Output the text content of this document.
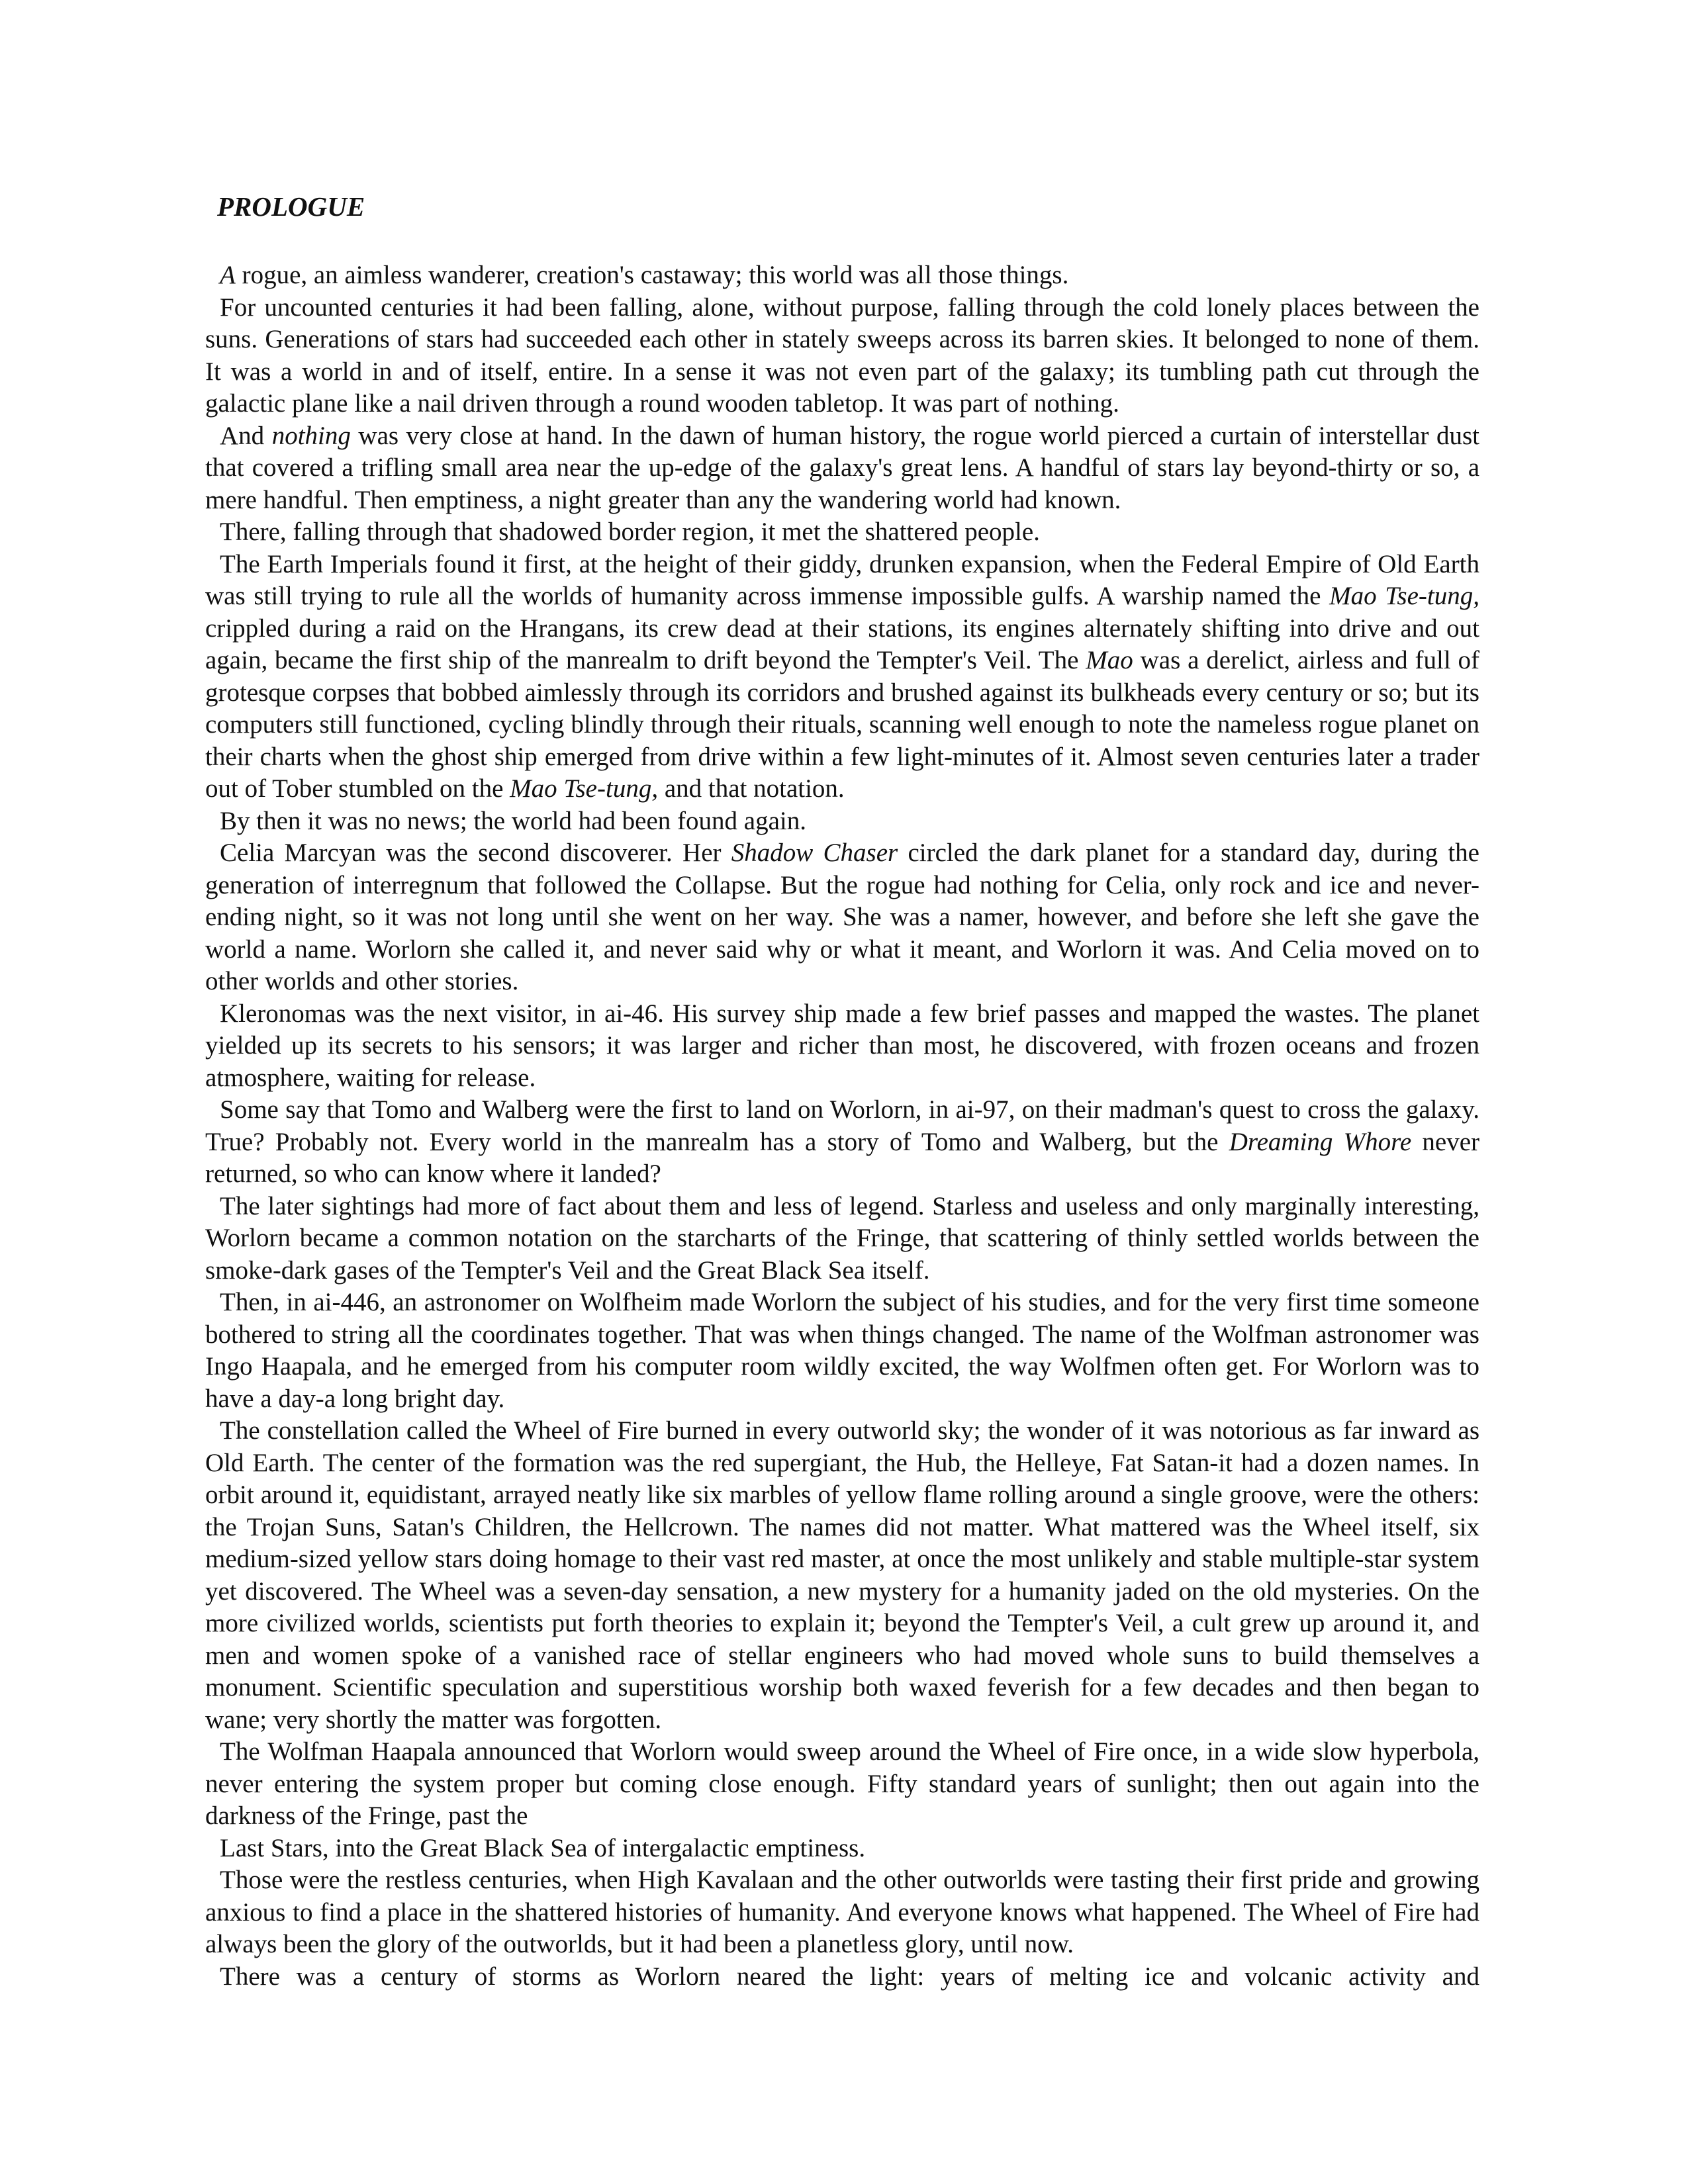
PROLOGUE

A rogue, an aimless wanderer, creation's castaway; this world was all those things.

For uncounted centuries it had been falling, alone, without purpose, falling through the cold lonely places between the suns. Generations of stars had succeeded each other in stately sweeps across its barren skies. It belonged to none of them. It was a world in and of itself, entire. In a sense it was not even part of the galaxy; its tumbling path cut through the galactic plane like a nail driven through a round wooden tabletop. It was part of nothing.

And nothing was very close at hand. In the dawn of human history, the rogue world pierced a curtain of interstellar dust that covered a trifling small area near the up-edge of the galaxy's great lens. A handful of stars lay beyond-thirty or so, a mere handful. Then emptiness, a night greater than any the wandering world had known.

There, falling through that shadowed border region, it met the shattered people.

The Earth Imperials found it first, at the height of their giddy, drunken expansion, when the Federal Empire of Old Earth was still trying to rule all the worlds of humanity across immense impossible gulfs. A warship named the Mao Tse-tung, crippled during a raid on the Hrangans, its crew dead at their stations, its engines alternately shifting into drive and out again, became the first ship of the manrealm to drift beyond the Tempter's Veil. The Mao was a derelict, airless and full of grotesque corpses that bobbed aimlessly through its corridors and brushed against its bulkheads every century or so; but its computers still functioned, cycling blindly through their rituals, scanning well enough to note the nameless rogue planet on their charts when the ghost ship emerged from drive within a few light-minutes of it. Almost seven centuries later a trader out of Tober stumbled on the Mao Tse-tung, and that notation.

By then it was no news; the world had been found again.

Celia Marcyan was the second discoverer. Her Shadow Chaser circled the dark planet for a standard day, during the generation of interregnum that followed the Collapse. But the rogue had nothing for Celia, only rock and ice and never-ending night, so it was not long until she went on her way. She was a namer, however, and before she left she gave the world a name. Worlorn she called it, and never said why or what it meant, and Worlorn it was. And Celia moved on to other worlds and other stories.

Kleronomas was the next visitor, in ai-46. His survey ship made a few brief passes and mapped the wastes. The planet yielded up its secrets to his sensors; it was larger and richer than most, he discovered, with frozen oceans and frozen atmosphere, waiting for release.

Some say that Tomo and Walberg were the first to land on Worlorn, in ai-97, on their madman's quest to cross the galaxy. True? Probably not. Every world in the manrealm has a story of Tomo and Walberg, but the Dreaming Whore never returned, so who can know where it landed?

The later sightings had more of fact about them and less of legend. Starless and useless and only marginally interesting, Worlorn became a common notation on the starcharts of the Fringe, that scattering of thinly settled worlds between the smoke-dark gases of the Tempter's Veil and the Great Black Sea itself.

Then, in ai-446, an astronomer on Wolfheim made Worlorn the subject of his studies, and for the very first time someone bothered to string all the coordinates together. That was when things changed. The name of the Wolfman astronomer was Ingo Haapala, and he emerged from his computer room wildly excited, the way Wolfmen often get. For Worlorn was to have a day-a long bright day.

The constellation called the Wheel of Fire burned in every outworld sky; the wonder of it was notorious as far inward as Old Earth. The center of the formation was the red supergiant, the Hub, the Helleye, Fat Satan-it had a dozen names. In orbit around it, equidistant, arrayed neatly like six marbles of yellow flame rolling around a single groove, were the others: the Trojan Suns, Satan's Children, the Hellcrown. The names did not matter. What mattered was the Wheel itself, six medium-sized yellow stars doing homage to their vast red master, at once the most unlikely and stable multiple-star system yet discovered. The Wheel was a seven-day sensation, a new mystery for a humanity jaded on the old mysteries. On the more civilized worlds, scientists put forth theories to explain it; beyond the Tempter's Veil, a cult grew up around it, and men and women spoke of a vanished race of stellar engineers who had moved whole suns to build themselves a monument. Scientific speculation and superstitious worship both waxed feverish for a few decades and then began to wane; very shortly the matter was forgotten.

The Wolfman Haapala announced that Worlorn would sweep around the Wheel of Fire once, in a wide slow hyperbola, never entering the system proper but coming close enough. Fifty standard years of sunlight; then out again into the darkness of the Fringe, past the

Last Stars, into the Great Black Sea of intergalactic emptiness.

Those were the restless centuries, when High Kavalaan and the other outworlds were tasting their first pride and growing anxious to find a place in the shattered histories of humanity. And everyone knows what happened. The Wheel of Fire had always been the glory of the outworlds, but it had been a planetless glory, until now.

There was a century of storms as Worlorn neared the light: years of melting ice and volcanic activity and
